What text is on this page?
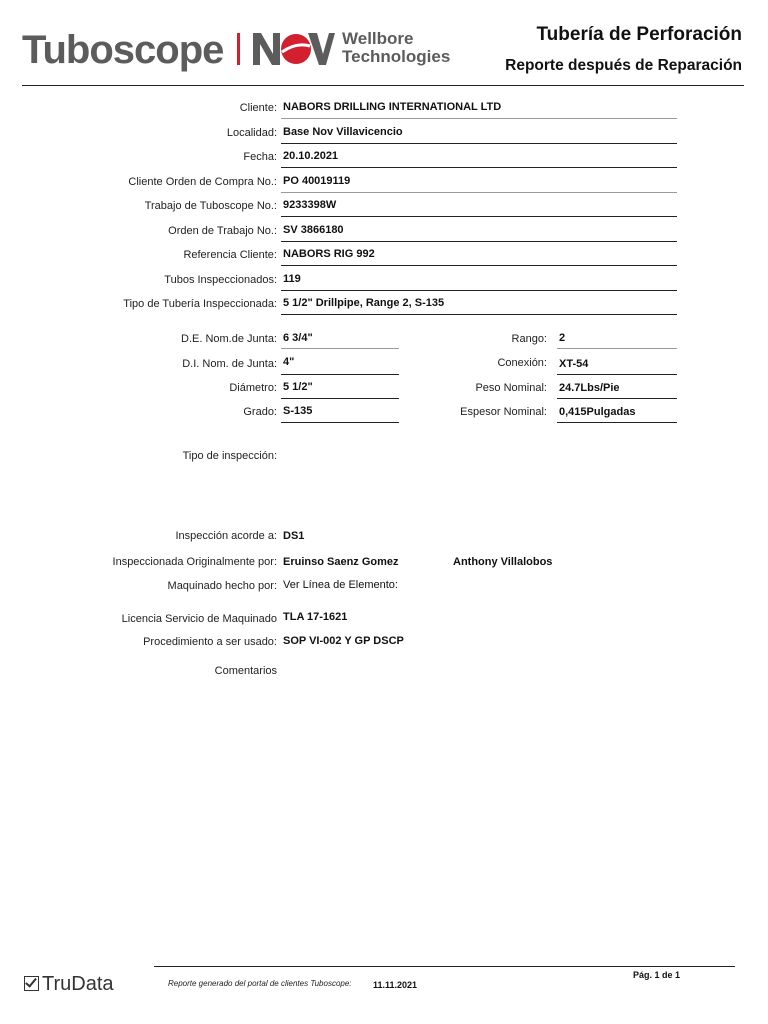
Tuboscope	Wellbore
Technologies
Tubería de Perforación
Reporte después de Reparación
Cliente: NABORS DRILLING INTERNATIONAL LTD
Localidad: Base Nov Villavicencio
Fecha: 20.10.2021
Cliente Orden de Compra No.: PO 40019119
Trabajo de Tuboscope No.: 9233398W
Orden de Trabajo No.: SV 3866180
Referencia Cliente: NABORS RIG 992
Tubos Inspeccionados: 119
Tipo de Tubería Inspeccionada: 5 1/2" Drillpipe, Range 2, S-135
D.E. Nom.de Junta: 6 3/4"
D.I. Nom. de Junta: 4"
Diámetro: 5 1/2"
Grado: S-135
Rango: 2
Conexión: XT-54
Peso Nominal: 24.7Lbs/Pie
Espesor Nominal: 0,415Pulgadas
Tipo de inspección:
Inspección acorde a: DS1
Inspeccionada Originalmente por: Eruinso Saenz Gomez	Anthony Villalobos
Maquinado hecho por: Ver Línea de Elemento:
Licencia Servicio de Maquinado TLA 17-1621
Procedimiento a ser usado: SOP VI-002 Y GP DSCP
Comentarios
TruData	Reporte generado del portal de clientes Tuboscope: 11.11.2021
Pág. 1 de 1
